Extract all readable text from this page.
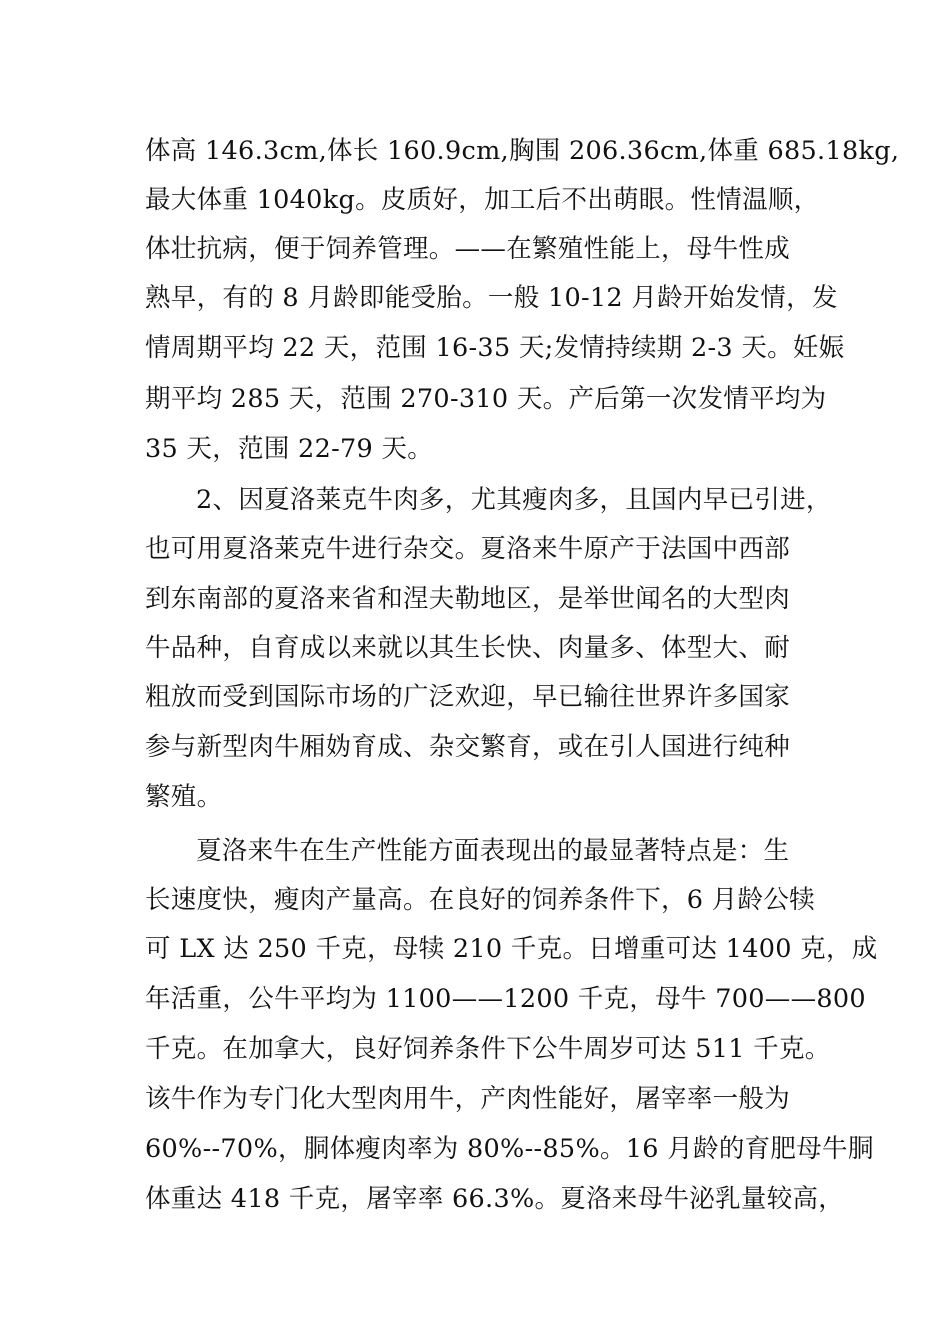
体高 146.3cm,体长 160.9cm,胸围 206.36cm,体重 685.18kg,
最大体重 1040kg。皮质好，加工后不出萌眼。性情温顺，
体壮抗病，便于饲养管理。——在繁殖性能上，母牛性成
熟早，有的 8 月龄即能受胎。一般 10-12 月龄开始发情，发
情周期平均 22 天，范围 16-35 天;发情持续期 2-3 天。妊娠
期平均 285 天，范围 270-310 天。产后第一次发情平均为
35 天，范围 22-79 天。
2、因夏洛莱克牛肉多，尤其瘦肉多，且国内早已引进，
也可用夏洛莱克牛进行杂交。夏洛来牛原产于法国中西部
到东南部的夏洛来省和涅夫勒地区，是举世闻名的大型肉
牛品种，自育成以来就以其生长快、肉量多、体型大、耐
粗放而受到国际市场的广泛欢迎，早已输往世界许多国家
参与新型肉牛厢妫育成、杂交繁育，或在引人国进行纯种
繁殖。
夏洛来牛在生产性能方面表现出的最显著特点是：生
长速度快，瘦肉产量高。在良好的饲养条件下，6 月龄公犊
可 LX 达 250 千克，母犊 210 千克。日增重可达 1400 克，成
年活重，公牛平均为 1100——1200 千克，母牛 700——800
千克。在加拿大，良好饲养条件下公牛周岁可达 511 千克。
该牛作为专门化大型肉用牛，产肉性能好，屠宰率一般为
60%--70%，胴体瘦肉率为 80%--85%。16 月龄的育肥母牛胴
体重达 418 千克，屠宰率 66.3%。夏洛来母牛泌乳量较高，
